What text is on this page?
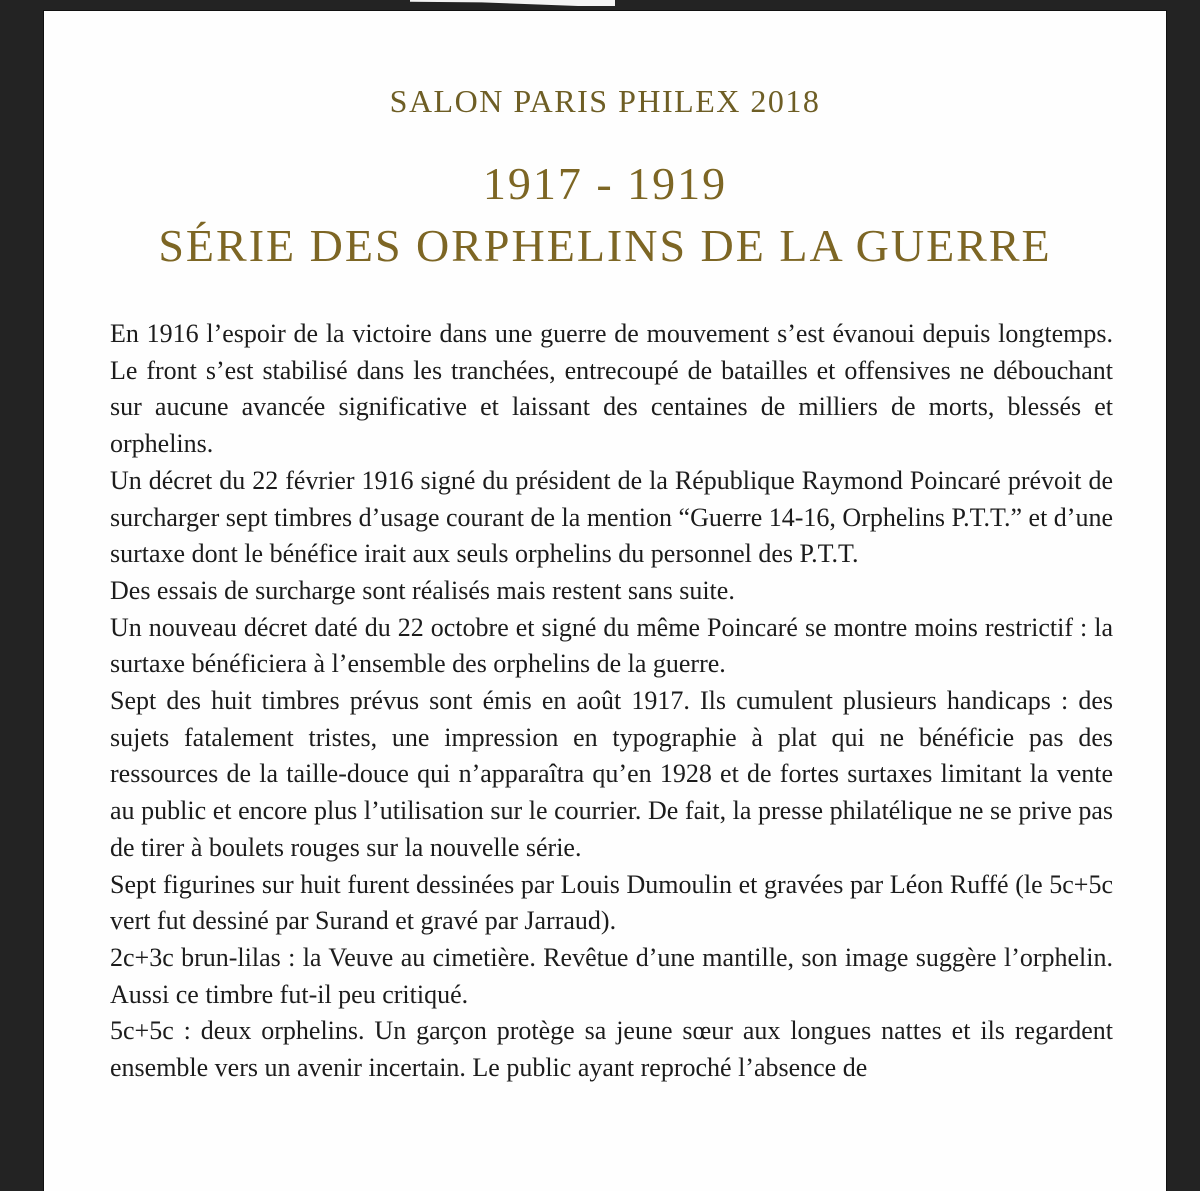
SALON PARIS PHILEX 2018
1917 - 1919
SÉRIE DES ORPHELINS DE LA GUERRE

En 1916 l’espoir de la victoire dans une guerre de mouvement s’est évanoui depuis longtemps. Le front s’est stabilisé dans les tranchées, entrecoupé de batailles et offensives ne débouchant sur aucune avancée significative et laissant des centaines de milliers de morts, blessés et orphelins.

Un décret du 22 février 1916 signé du président de la République Raymond Poincaré prévoit de surcharger sept timbres d’usage courant de la mention “Guerre 14-16, Orphelins P.T.T.” et d’une surtaxe dont le bénéfice irait aux seuls orphelins du personnel des P.T.T.

Des essais de surcharge sont réalisés mais restent sans suite.

Un nouveau décret daté du 22 octobre et signé du même Poincaré se montre moins restrictif : la surtaxe bénéficiera à l’ensemble des orphelins de la guerre.

Sept des huit timbres prévus sont émis en août 1917. Ils cumulent plusieurs handicaps : des sujets fatalement tristes, une impression en typographie à plat qui ne bénéficie pas des ressources de la taille-douce qui n’apparaîtra qu’en 1928 et de fortes surtaxes limitant la vente au public et encore plus l’utilisation sur le courrier. De fait, la presse philatélique ne se prive pas de tirer à boulets rouges sur la nouvelle série.

Sept figurines sur huit furent dessinées par Louis Dumoulin et gravées par Léon Ruffé (le 5c+5c vert fut dessiné par Surand et gravé par Jarraud).

2c+3c brun-lilas : la Veuve au cimetière. Revêtue d’une mantille, son image suggère l’orphelin. Aussi ce timbre fut-il peu critiqué.

5c+5c : deux orphelins. Un garçon protège sa jeune sœur aux longues nattes et ils regardent ensemble vers un avenir incertain. Le public ayant reproché l’absence de
